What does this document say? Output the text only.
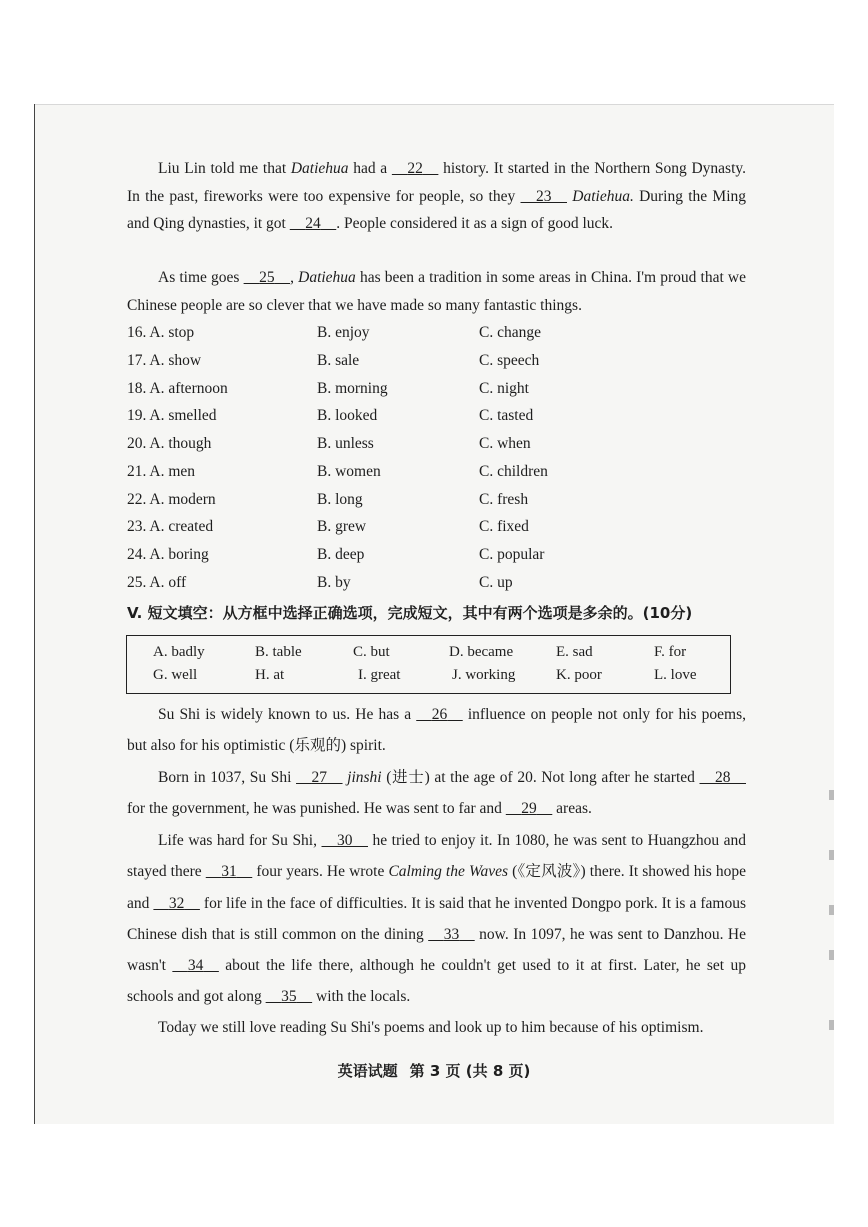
Liu Lin told me that Datiehua had a 22 history. It started in the Northern Song Dynasty. In the past, fireworks were too expensive for people, so they 23 Datiehua. During the Ming and Qing dynasties, it got 24 . People considered it as a sign of good luck.

As time goes 25 , Datiehua has been a tradition in some areas in China. I'm proud that we Chinese people are so clever that we have made so many fantastic things.

16. A. stop	B. enjoy	C. change
17. A. show	B. sale	C. speech
18. A. afternoon	B. morning	C. night
19. A. smelled	B. looked	C. tasted
20. A. though	B. unless	C. when
21. A. men	B. women	C. children
22. A. modern	B. long	C. fresh
23. A. created	B. grew	C. fixed
24. A. boring	B. deep	C. popular
25. A. off	B. by	C. up
V. 短文填空：从方框中选择正确选项，完成短文，其中有两个选项是多余的。(10分)
A. badly	B. table	C. but	D. became	E. sad	F. for
G. well	H. at	I. great	J. working	K. poor	L. love

Su Shi is widely known to us. He has a 26 influence on people not only for his poems, but also for his optimistic (乐观的) spirit.

Born in 1037, Su Shi 27 jinshi (进士) at the age of 20. Not long after he started 28 for the government, he was punished. He was sent to far and 29 areas.

Life was hard for Su Shi, 30 he tried to enjoy it. In 1080, he was sent to Huangzhou and stayed there 31 four years. He wrote Calming the Waves (《定风波》) there. It showed his hope and 32 for life in the face of difficulties. It is said that he invented Dongpo pork. It is a famous Chinese dish that is still common on the dining 33 now. In 1097, he was sent to Danzhou. He wasn't 34 about the life there, although he couldn't get used to it at first. Later, he set up schools and got along 35 with the locals.

Today we still love reading Su Shi's poems and look up to him because of his optimism.

英语试题 第 3 页 (共 8 页)
